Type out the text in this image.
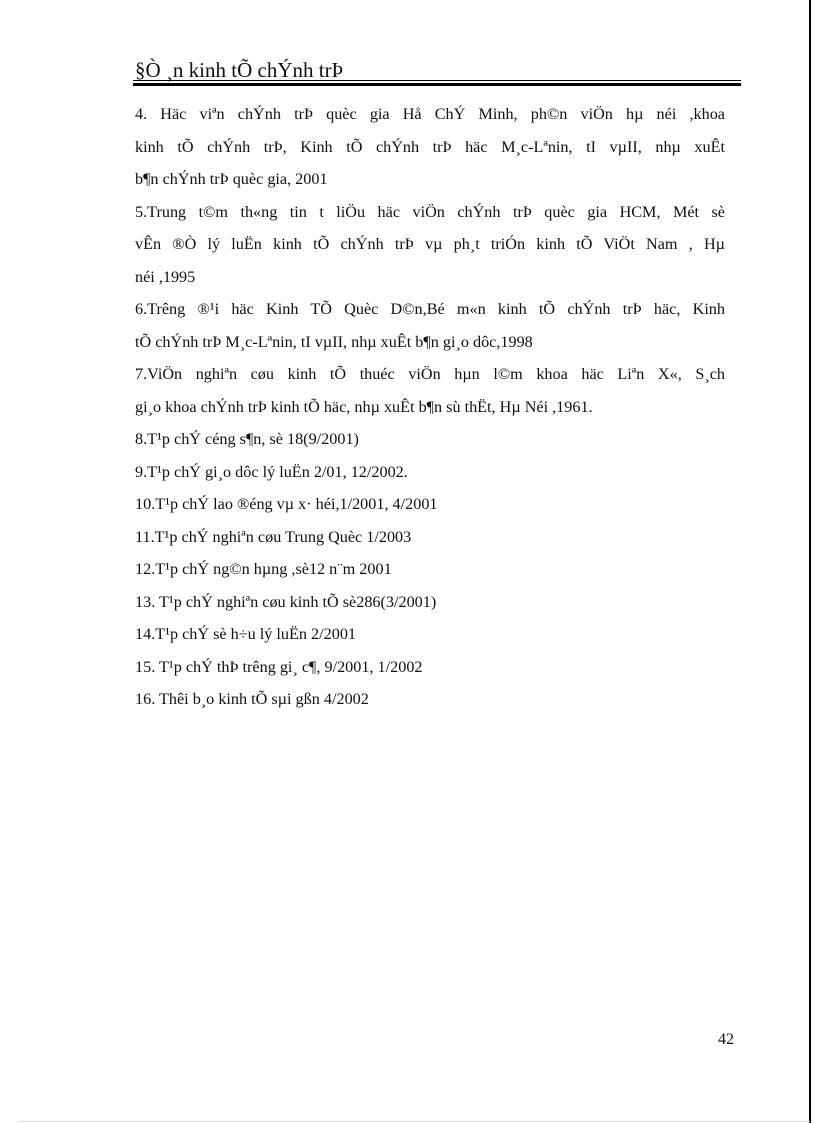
§Ò ¸n kinh tÕ chÝnh trÞ
4. Häc viªn chÝnh trÞ quèc gia Hå ChÝ Minh, ph©n viÖn hµ néi ,khoa
kinh tÕ chÝnh trÞ, Kinh tÕ chÝnh trÞ häc M¸c-Lªnin, tI vµII, nhµ xuÊt
b¶n chÝnh trÞ quèc gia, 2001
5.Trung t©m th«ng tin t liÖu häc viÖn chÝnh trÞ quèc gia HCM, Mét sè
vÊn ®Ò lý luËn kinh tÕ chÝnh trÞ vµ ph¸t triÓn kinh tÕ ViÖt Nam , Hµ
néi ,1995
6.Trêng ®¹i häc Kinh TÕ Quèc D©n,Bé m«n kinh tÕ chÝnh trÞ häc, Kinh
tÕ chÝnh trÞ M¸c-Lªnin, tI vµII, nhµ xuÊt b¶n gi¸o dôc,1998
7.ViÖn nghiªn cøu kinh tÕ thuéc viÖn hµn l©m khoa häc Liªn X«, S¸ch
gi¸o khoa chÝnh trÞ kinh tÕ häc, nhµ xuÊt b¶n sù thËt, Hµ Néi ,1961.
8.T¹p chÝ céng s¶n, sè 18(9/2001)
9.T¹p chÝ gi¸o dôc lý luËn 2/01, 12/2002.
10.T¹p chÝ lao ®éng vµ x· héi,1/2001, 4/2001
11.T¹p chÝ nghiªn cøu Trung Quèc 1/2003
12.T¹p chÝ ng©n hµng ,sè12 n¨m 2001
13. T¹p chÝ nghiªn cøu kinh tÕ sè286(3/2001)
14.T¹p chÝ sè h÷u lý luËn 2/2001
15. T¹p chÝ thÞ trêng gi¸ c¶, 9/2001, 1/2002
16. Thêi b¸o kinh tÕ sµi gßn 4/2002
42
